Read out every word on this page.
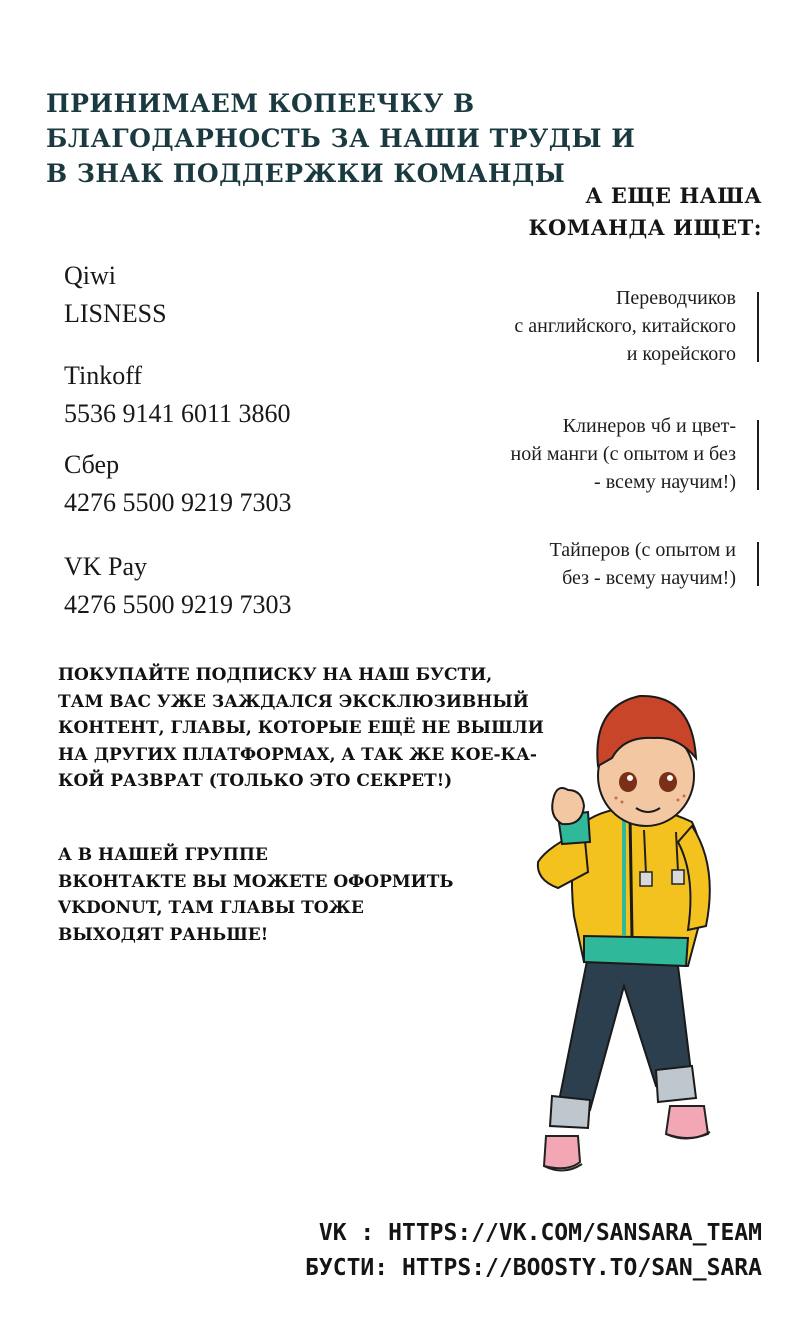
ПРИНИМАЕМ КОПЕЕЧКУ В
БЛАГОДАРНОСТЬ ЗА НАШИ ТРУДЫ И
В ЗНАК ПОДДЕРЖКИ КОМАНДЫ
А ЕЩЕ НАША
КОМАНДА ИЩЕТ:
Qiwi
LISNESS
Tinkoff
5536 9141 6011 3860
Сбер
4276 5500 9219 7303
VK Pay
4276 5500 9219 7303
Переводчиков
с английского, китайского
и корейского
Клинеров чб и цвет-
ной манги (с опытом и без
- всему научим!)
Тайперов (с опытом и
без - всему научим!)
ПОКУПАЙТЕ ПОДПИСКУ НА НАШ БУСТИ,
ТАМ ВАС УЖЕ ЗАЖДАЛСЯ ЭКСКЛЮЗИВНЫЙ
КОНТЕНТ, ГЛАВЫ, КОТОРЫЕ ЕЩЁ НЕ ВЫШЛИ
НА ДРУГИХ ПЛАТФОРМАХ, А ТАК ЖЕ КОЕ-КА-
КОЙ РАЗВРАТ (ТОЛЬКО ЭТО СЕКРЕТ!)
А В НАШЕЙ ГРУППЕ
ВКОНТАКТЕ ВЫ МОЖЕТЕ ОФОРМИТЬ
VKDONUT, ТАМ ГЛАВЫ ТОЖЕ
ВЫХОДЯТ РАНЬШЕ!
VK : HTTPS://VK.COM/SANSARA_TEAM
БУСТИ: HTTPS://BOOSTY.TO/SAN_SARA
